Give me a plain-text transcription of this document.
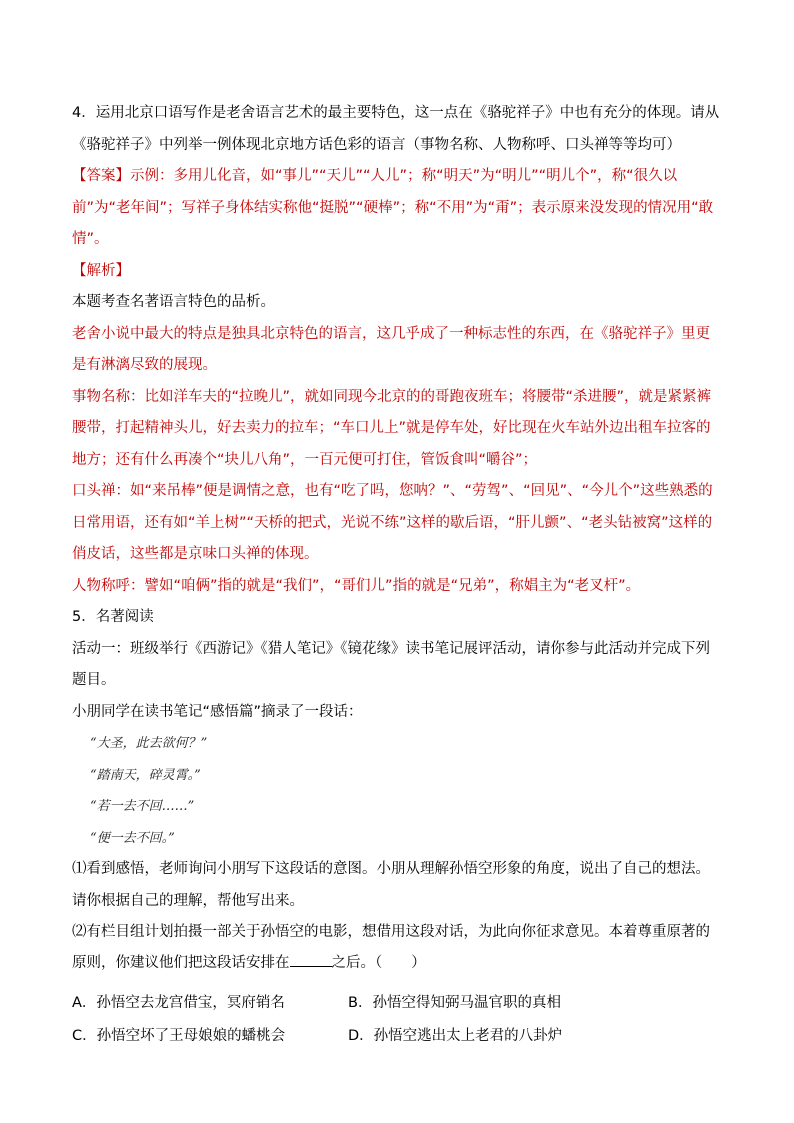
4．运用北京口语写作是老舍语言艺术的最主要特色，这一点在《骆驼祥子》中也有充分的体现。请从《骆驼祥子》中列举一例体现北京地方话色彩的语言（事物名称、人物称呼、口头禅等等均可）

【答案】示例：多用儿化音，如“事儿”“天儿”“人儿”；称“明天”为“明儿”“明儿个”，称“很久以前”为“老年间”；写祥子身体结实称他“挺脱”“硬棒”；称“不用”为“甭”；表示原来没发现的情况用“敢情”。

【解析】

本题考查名著语言特色的品析。

老舍小说中最大的特点是独具北京特色的语言，这几乎成了一种标志性的东西，在《骆驼祥子》里更是有淋漓尽致的展现。

事物名称：比如洋车夫的“拉晚儿”，就如同现今北京的的哥跑夜班车；将腰带“杀进腰”，就是紧紧裤腰带，打起精神头儿，好去卖力的拉车；“车口儿上”就是停车处，好比现在火车站外边出租车拉客的地方；还有什么再凑个“块儿八角”，一百元便可打住，管饭食叫“嚼谷”；

口头禅：如“来吊棒”便是调情之意，也有“吃了吗，您呐？”、“劳驾”、“回见”、“今儿个”这些熟悉的日常用语，还有如“羊上树”“天桥的把式，光说不练”这样的歇后语，“肝儿颤”、“老头钻被窝”这样的俏皮话，这些都是京味口头禅的体现。

人物称呼：譬如“咱俩”指的就是“我们”，“哥们儿”指的就是“兄弟”，称娼主为“老叉杆”。

5．名著阅读

活动一：班级举行《西游记》《猎人笔记》《镜花缘》读书笔记展评活动，请你参与此活动并完成下列题目。

小朋同学在读书笔记“感悟篇”摘录了一段话：

“大圣，此去欲何？”

“踏南天，碎灵霄。”

“若一去不回……”

“便一去不回。”

⑴看到感悟，老师询问小朋写下这段话的意图。小朋从理解孙悟空形象的角度，说出了自己的想法。请你根据自己的理解，帮他写出来。

⑵有栏目组计划拍摄一部关于孙悟空的电影，想借用这段对话，为此向你征求意见。本着尊重原著的原则，你建议他们把这段话安排在	之后。（　　）

A．孙悟空去龙宫借宝，冥府销名	B．孙悟空得知弼马温官职的真相

C．孙悟空坏了王母娘娘的蟠桃会	D．孙悟空逃出太上老君的八卦炉
